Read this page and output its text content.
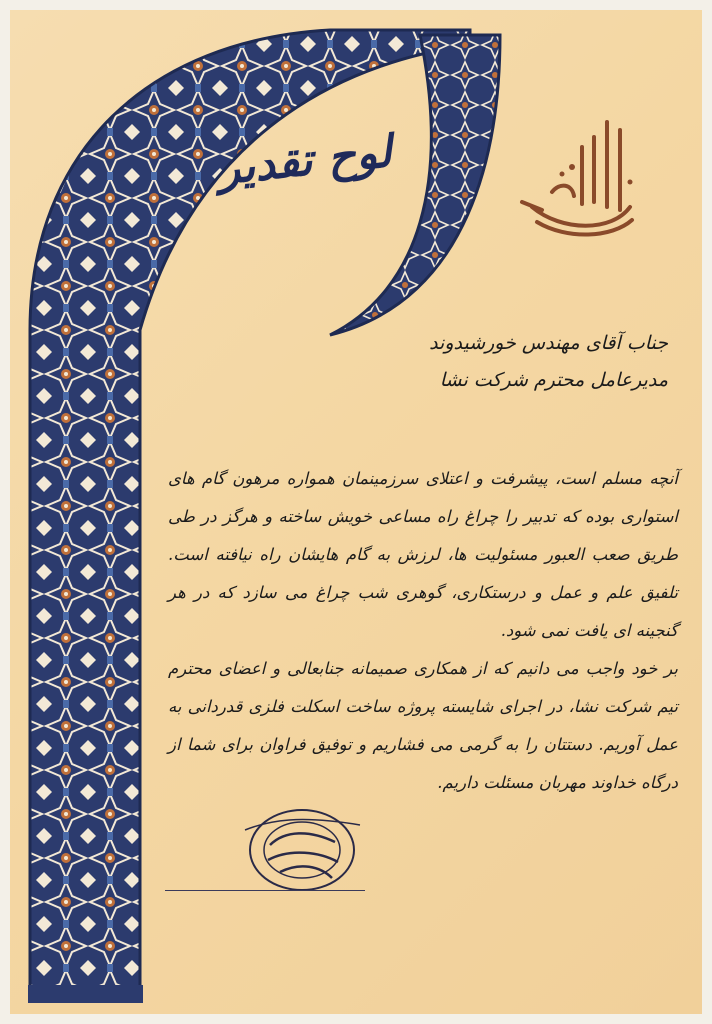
لوح تقدیر
جناب آقای مهندس خورشیدوند
مدیرعامل محترم شرکت نشا

آنچه مسلم است، پیشرفت و اعتلای سرزمینمان همواره مرهون گام های استواری بوده که تدبیر را چراغ راه مساعی خویش ساخته و هرگز در طی طریق صعب العبور مسئولیت ها، لرزش به گام هایشان راه نیافته است. تلفیق علم و عمل و درستکاری، گوهری شب چراغ می سازد که در هر گنجینه ای یافت نمی شود.

بر خود واجب می دانیم که از همکاری صمیمانه جنابعالی و اعضای محترم تیم شرکت نشا، در اجرای شایسته پروژه ساخت اسکلت فلزی قدردانی به عمل آوریم. دستتان را به گرمی می فشاریم و توفیق فراوان برای شما از درگاه خداوند مهربان مسئلت داریم.
